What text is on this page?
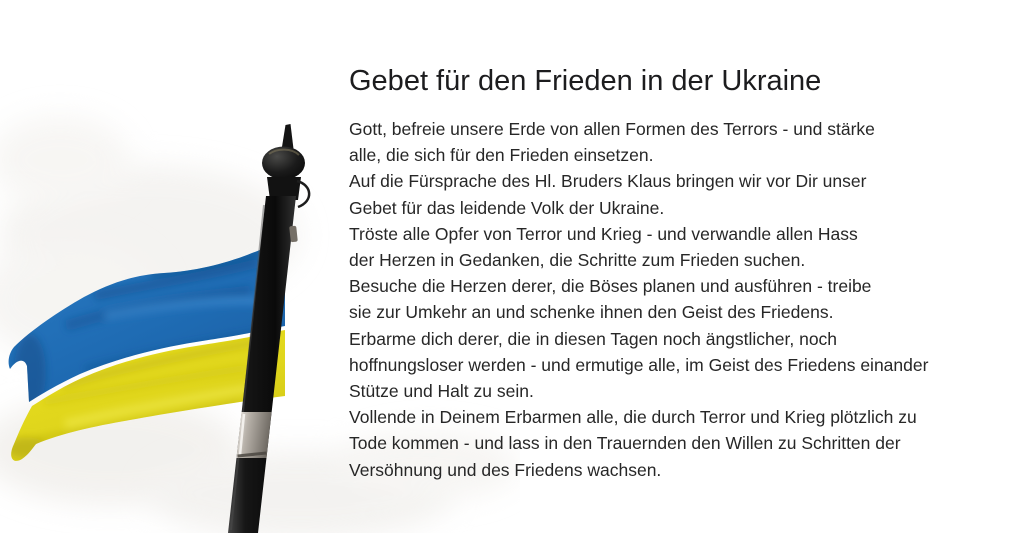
Gebet für den Frieden in der Ukraine
Gott, befreie unsere Erde von allen Formen des Terrors - und stärke
alle, die sich für den Frieden einsetzen.
Auf die Fürsprache des Hl. Bruders Klaus bringen wir vor Dir unser
Gebet für das leidende Volk der Ukraine.
Tröste alle Opfer von Terror und Krieg - und verwandle allen Hass
der Herzen in Gedanken, die Schritte zum Frieden suchen.
Besuche die Herzen derer, die Böses planen und ausführen - treibe
sie zur Umkehr an und schenke ihnen den Geist des Friedens.
Erbarme dich derer, die in diesen Tagen noch ängstlicher, noch
hoffnungsloser werden - und ermutige alle, im Geist des Friedens einander
Stütze und Halt zu sein.
Vollende in Deinem Erbarmen alle, die durch Terror und Krieg plötzlich zu
Tode kommen - und lass in den Trauernden den Willen zu Schritten der
Versöhnung und des Friedens wachsen.
